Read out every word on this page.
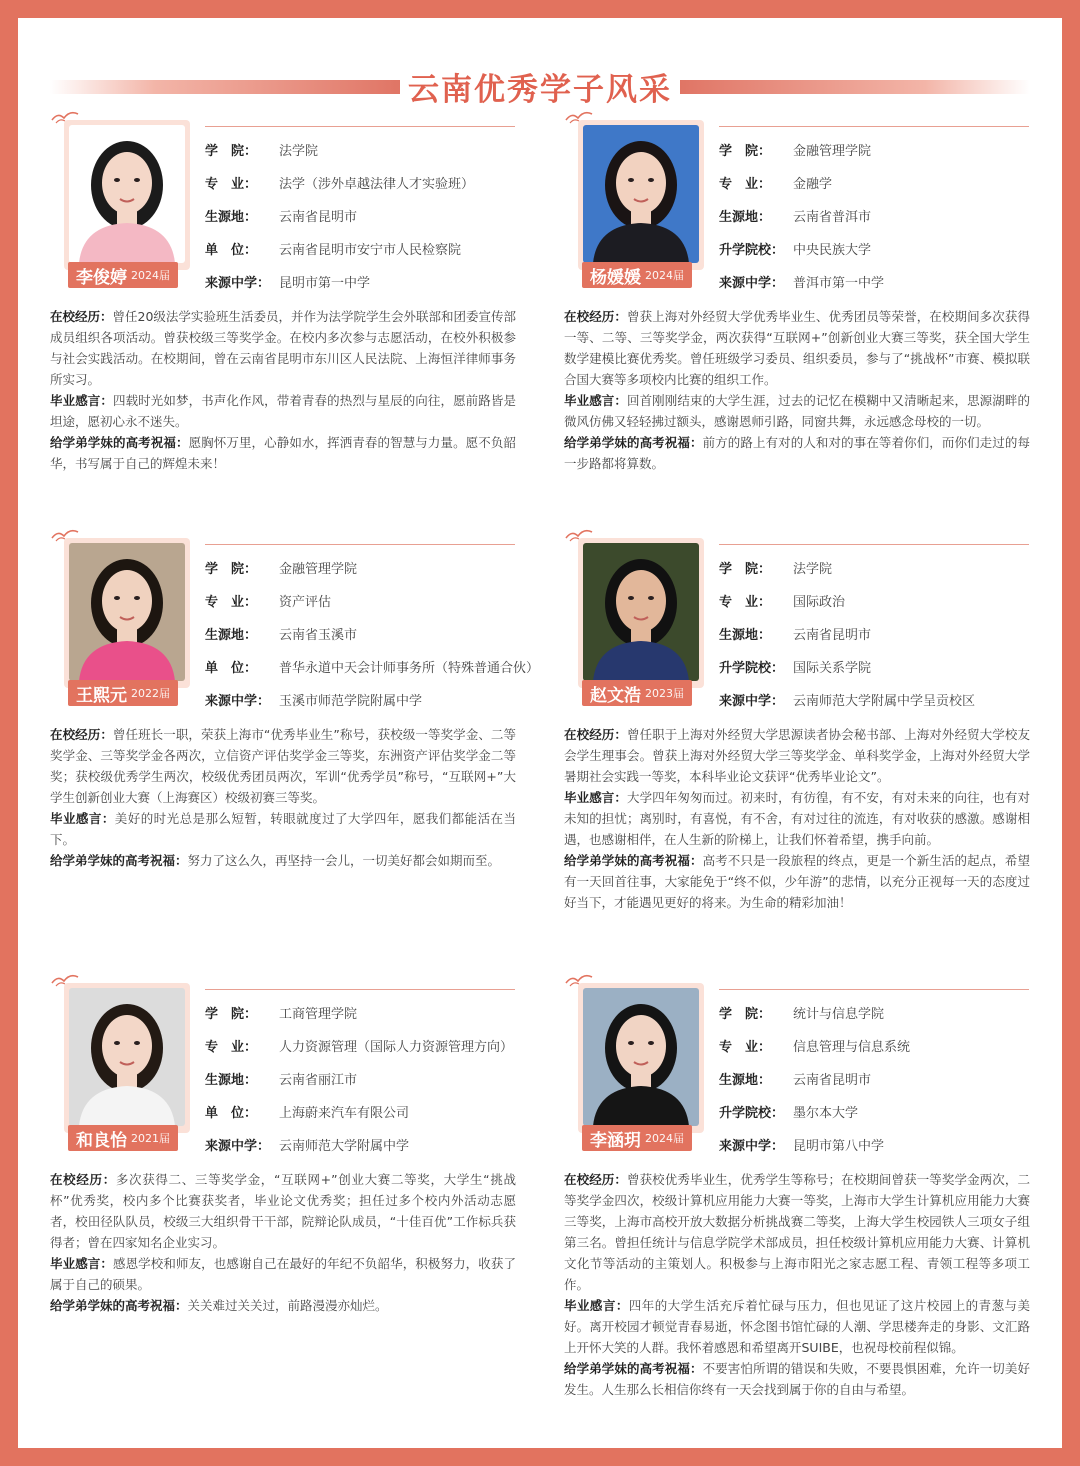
云南优秀学子风采
李俊婷 2024届
学　院： 法学院
专　业： 法学（涉外卓越法律人才实验班）
生源地： 云南省昆明市
单　位： 云南省昆明市安宁市人民检察院
来源中学： 昆明市第一中学

在校经历：曾任20级法学实验班生活委员，并作为法学院学生会外联部和团委宣传部成员组织各项活动。曾获校级三等奖学金。在校内多次参与志愿活动，在校外积极参与社会实践活动。在校期间，曾在云南省昆明市东川区人民法院、上海恒洋律师事务所实习。

毕业感言：四载时光如梦，书声化作风，带着青春的热烈与星辰的向往，愿前路皆是坦途，愿初心永不迷失。

给学弟学妹的高考祝福：愿胸怀万里，心静如水，挥洒青春的智慧与力量。愿不负韶华，书写属于自己的辉煌未来！

杨媛媛 2024届
学　院： 金融管理学院
专　业： 金融学
生源地： 云南省普洱市
升学院校： 中央民族大学
来源中学： 普洱市第一中学

在校经历：曾获上海对外经贸大学优秀毕业生、优秀团员等荣誉，在校期间多次获得一等、二等、三等奖学金，两次获得“互联网+”创新创业大赛三等奖，获全国大学生数学建模比赛优秀奖。曾任班级学习委员、组织委员，参与了“挑战杯”市赛、模拟联合国大赛等多项校内比赛的组织工作。

毕业感言：回首刚刚结束的大学生涯，过去的记忆在模糊中又清晰起来，思源湖畔的微风仿佛又轻轻拂过额头，感谢恩师引路，同窗共舞，永远感念母校的一切。

给学弟学妹的高考祝福：前方的路上有对的人和对的事在等着你们，而你们走过的每一步路都将算数。

王熙元 2022届
学　院： 金融管理学院
专　业： 资产评估
生源地： 云南省玉溪市
单　位： 普华永道中天会计师事务所（特殊普通合伙）
来源中学： 玉溪市师范学院附属中学

在校经历：曾任班长一职，荣获上海市“优秀毕业生”称号，获校级一等奖学金、二等奖学金、三等奖学金各两次，立信资产评估奖学金三等奖，东洲资产评估奖学金二等奖；获校级优秀学生两次，校级优秀团员两次，军训“优秀学员”称号，“互联网+”大学生创新创业大赛（上海赛区）校级初赛三等奖。

毕业感言：美好的时光总是那么短暂，转眼就度过了大学四年，愿我们都能活在当下。

给学弟学妹的高考祝福：努力了这么久，再坚持一会儿，一切美好都会如期而至。

赵文浩 2023届
学　院： 法学院
专　业： 国际政治
生源地： 云南省昆明市
升学院校： 国际关系学院
来源中学： 云南师范大学附属中学呈贡校区

在校经历：曾任职于上海对外经贸大学思源读者协会秘书部、上海对外经贸大学校友会学生理事会。曾获上海对外经贸大学三等奖学金、单科奖学金，上海对外经贸大学暑期社会实践一等奖，本科毕业论文获评“优秀毕业论文”。

毕业感言：大学四年匆匆而过。初来时，有彷徨，有不安，有对未来的向往，也有对未知的担忧；离别时，有喜悦，有不舍，有对过往的流连，有对收获的感激。感谢相遇，也感谢相伴，在人生新的阶梯上，让我们怀着希望，携手向前。

给学弟学妹的高考祝福：高考不只是一段旅程的终点，更是一个新生活的起点，希望有一天回首往事，大家能免于“终不似，少年游”的悲情，以充分正视每一天的态度过好当下，才能遇见更好的将来。为生命的精彩加油！

和良怡 2021届
学　院： 工商管理学院
专　业： 人力资源管理（国际人力资源管理方向）
生源地： 云南省丽江市
单　位： 上海蔚来汽车有限公司
来源中学： 云南师范大学附属中学

在校经历：多次获得二、三等奖学金，“互联网+”创业大赛二等奖，大学生“挑战杯”优秀奖，校内多个比赛获奖者，毕业论文优秀奖；担任过多个校内外活动志愿者，校田径队队员，校级三大组织骨干干部，院辩论队成员，“十佳百优”工作标兵获得者；曾在四家知名企业实习。

毕业感言：感恩学校和师友，也感谢自己在最好的年纪不负韶华，积极努力，收获了属于自己的硕果。

给学弟学妹的高考祝福：关关难过关关过，前路漫漫亦灿烂。

李涵玥 2024届
学　院： 统计与信息学院
专　业： 信息管理与信息系统
生源地： 云南省昆明市
升学院校： 墨尔本大学
来源中学： 昆明市第八中学

在校经历：曾获校优秀毕业生，优秀学生等称号；在校期间曾获一等奖学金两次，二等奖学金四次，校级计算机应用能力大赛一等奖，上海市大学生计算机应用能力大赛三等奖，上海市高校开放大数据分析挑战赛二等奖，上海大学生校园铁人三项女子组第三名。曾担任统计与信息学院学术部成员，担任校级计算机应用能力大赛、计算机文化节等活动的主策划人。积极参与上海市阳光之家志愿工程、青领工程等多项工作。

毕业感言：四年的大学生活充斥着忙碌与压力，但也见证了这片校园上的青葱与美好。离开校园才顿觉青春易逝，怀念图书馆忙碌的人潮、学思楼奔走的身影、文汇路上开怀大笑的人群。我怀着感恩和希望离开SUIBE，也祝母校前程似锦。

给学弟学妹的高考祝福：不要害怕所谓的错误和失败，不要畏惧困难，允许一切美好发生。人生那么长相信你终有一天会找到属于你的自由与希望。
